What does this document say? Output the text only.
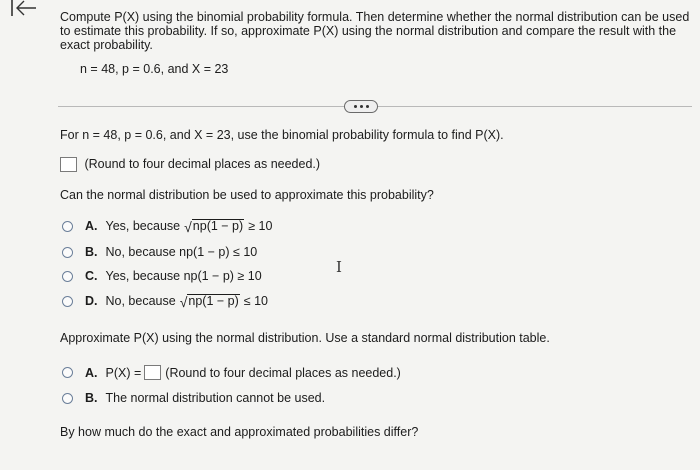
Compute P(X) using the binomial probability formula. Then determine whether the normal distribution can be used to estimate this probability. If so, approximate P(X) using the normal distribution and compare the result with the exact probability.
n = 48, p = 0.6, and X = 23
For n = 48, p = 0.6, and X = 23, use the binomial probability formula to find P(X).
(Round to four decimal places as needed.)
Can the normal distribution be used to approximate this probability?
A. Yes, because √ np(1 − p) ≥ 10
B. No, because np(1 − p) ≤ 10
C. Yes, because np(1 − p) ≥ 10
D. No, because √ np(1 − p) ≤ 10
I
Approximate P(X) using the normal distribution. Use a standard normal distribution table.
A. P(X) = (Round to four decimal places as needed.)
B. The normal distribution cannot be used.
By how much do the exact and approximated probabilities differ?
